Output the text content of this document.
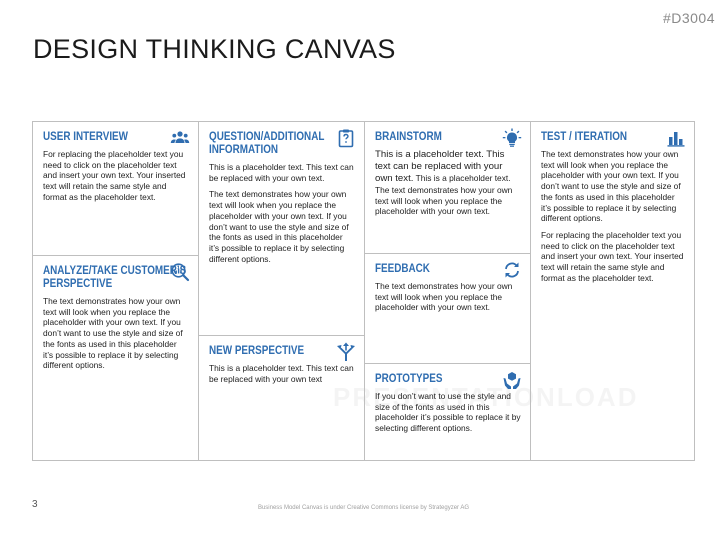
#D3004
DESIGN THINKING CANVAS
USER INTERVIEW

For replacing the placeholder text you need to click on the placeholder text and insert your own text. Your inserted text will retain the same style and format as the placeholder text.

ANALYZE/TAKE CUSTOMER’S PERSPECTIVE

The text demonstrates how your own text will look when you replace the placeholder with your own text. If you don’t want to use the style and size of the fonts as used in this placeholder it’s possible to replace it by selecting different options.

QUESTION/ADDITIONAL INFORMATION

This is a placeholder text. This text can be replaced with your own text.

The text demonstrates how your own text will look when you replace the placeholder with your own text. If you don’t want to use the style and size of the fonts as used in this placeholder it’s possible to replace it by selecting different options.

NEW PERSPECTIVE

This is a placeholder text. This text can be replaced with your own text

BRAINSTORM

This is a placeholder text. This text can be replaced with your own text. This is a placeholder text. The text demonstrates how your own text will look when you replace the placeholder with your own text.

FEEDBACK

The text demonstrates how your own text will look when you replace the placeholder with your own text.

PROTOTYPES

If you don’t want to use the style and size of the fonts as used in this placeholder it’s possible to replace it by selecting different options.

TEST / ITERATION

The text demonstrates how your own text will look when you replace the placeholder with your own text. If you don’t want to use the style and size of the fonts as used in this placeholder it’s possible to replace it by selecting different options.

For replacing the placeholder text you need to click on the placeholder text and insert your own text. Your inserted text will retain the same style and format as the placeholder text.

3	Business Model Canvas is under Creative Commons license by Strategyzer AG
